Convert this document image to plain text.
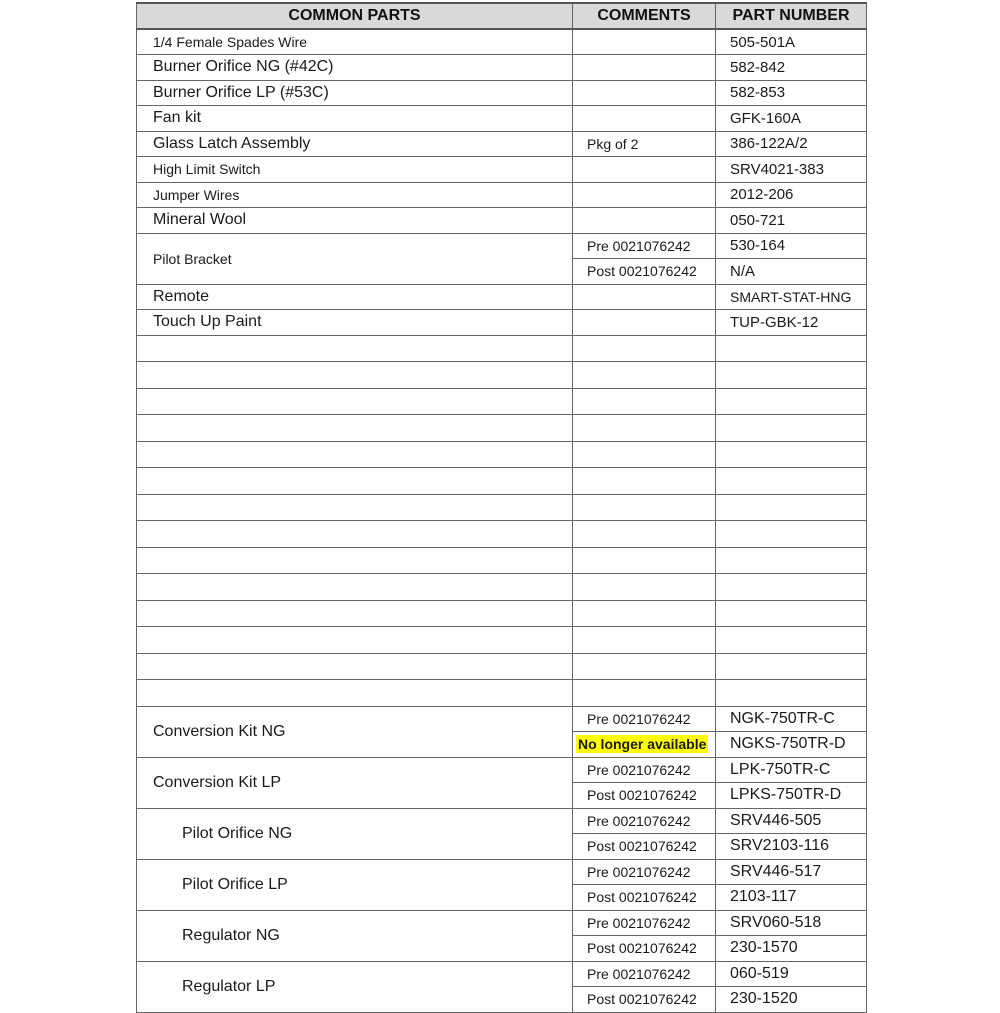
COMMON PARTS	COMMENTS	PART NUMBER
1/4 Female Spades Wire		505-501A
Burner Orifice NG (#42C)		582-842
Burner Orifice LP (#53C)		582-853
Fan kit		GFK-160A
Glass Latch Assembly	Pkg of 2	386-122A/2
High Limit Switch		SRV4021-383
Jumper Wires		2012-206
Mineral Wool		050-721
Pilot Bracket	Pre 0021076242	530-164
	Post 0021076242	N/A
Remote		SMART-STAT-HNG
Touch Up Paint		TUP-GBK-12

Conversion Kit NG	Pre 0021076242	NGK-750TR-C
	No longer available	NGKS-750TR-D
Conversion Kit LP	Pre 0021076242	LPK-750TR-C
	Post 0021076242	LPKS-750TR-D
Pilot Orifice NG	Pre 0021076242	SRV446-505
	Post 0021076242	SRV2103-116
Pilot Orifice LP	Pre 0021076242	SRV446-517
	Post 0021076242	2103-117
Regulator NG	Pre 0021076242	SRV060-518
	Post 0021076242	230-1570
Regulator LP	Pre 0021076242	060-519
	Post 0021076242	230-1520
